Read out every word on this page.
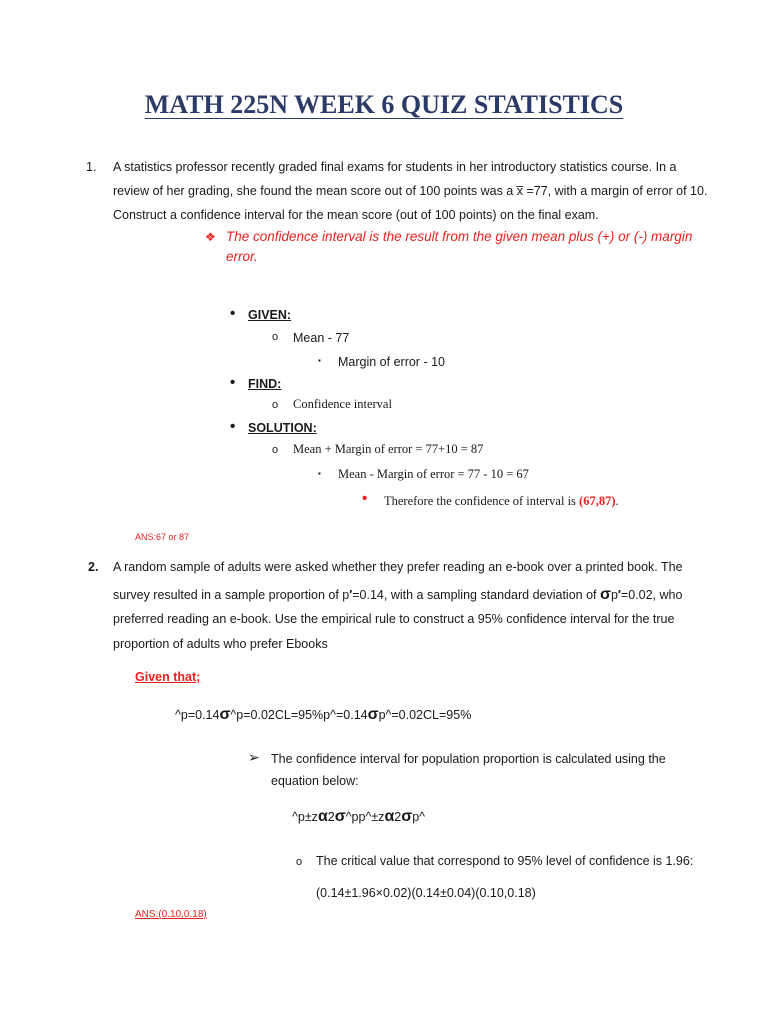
MATH 225N WEEK 6 QUIZ STATISTICS
1. A statistics professor recently graded final exams for students in her introductory statistics course. In a
review of her grading, she found the mean score out of 100 points was a x̅ =77, with a margin of error of 10.
Construct a confidence interval for the mean score (out of 100 points) on the final exam.
❖ The confidence interval is the result from the given mean plus (+) or (-) margin
error.
• GIVEN:
o Mean - 77
▪ Margin of error - 10
• FIND:
o Confidence interval
• SOLUTION:
o Mean + Margin of error = 77+10 = 87
▪ Mean - Margin of error = 77 - 10 = 67
• Therefore the confidence of interval is (67,87).
ANS:67 or 87
2. A random sample of adults were asked whether they prefer reading an e-book over a printed book. The
survey resulted in a sample proportion of p′=0.14, with a sampling standard deviation of σp′=0.02, who
preferred reading an e-book. Use the empirical rule to construct a 95% confidence interval for the true
proportion of adults who prefer Ebooks
Given that;
^p=0.14σ^p=0.02CL=95%p^=0.14σp^=0.02CL=95%
➢ The confidence interval for population proportion is calculated using the
equation below:
^p±zα2σ^pp^±zα2σp^
o The critical value that correspond to 95% level of confidence is 1.96:
(0.14±1.96×0.02)(0.14±0.04)(0.10,0.18)
ANS:(0.10,0.18)
